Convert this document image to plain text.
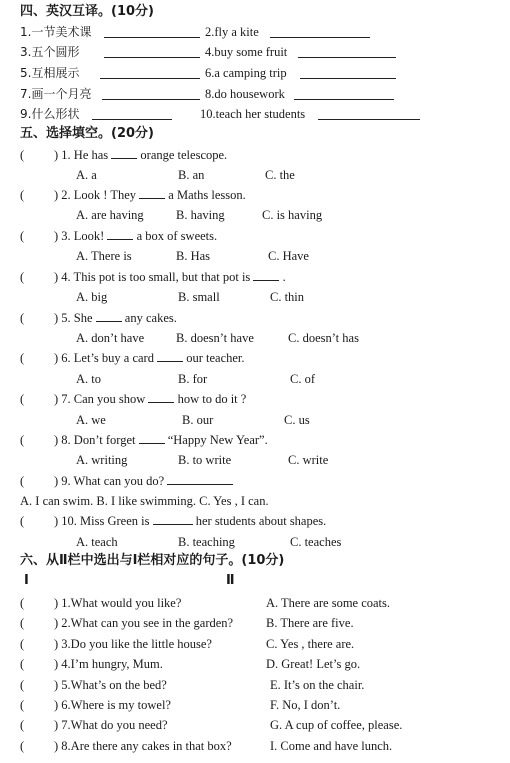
四、英汉互译。(10分)
1.一节美术课	2.fly a kite
3.五个圆形	4.buy some fruit
5.互相展示	6.a camping trip
7.画一个月亮	8.do housework
9.什么形状	10.teach her students
五、选择填空。(20分)
( ) 1. He has	orange telescope.
A. a	B. an	C. the
( ) 2. Look ! They	a Maths lesson.
A. are having	B. having	C. is having
( ) 3. Look!	a box of sweets.
A. There is	B. Has	C. Have
( ) 4. This pot is too small, but that pot is	.
A. big	B. small	C. thin
( ) 5. She	any cakes.
A. don’t have	B. doesn’t have	C. doesn’t has
( ) 6. Let’s buy a card	our teacher.
A. to	B. for	C. of
( ) 7. Can you show	how to do it ?
A. we	B. our	C. us
( ) 8. Don’t forget	“Happy New Year”.
A. writing	B. to write	C. write
( ) 9. What can you do?
A. I can swim. B. I like swimming. C. Yes , I can.
( ) 10. Miss Green is	her students about shapes.
A. teach	B. teaching	C. teaches
六、从Ⅱ栏中选出与Ⅰ栏相对应的句子。(10分)
Ⅰ	Ⅱ
( ) 1.What would you like?	A. There are some coats.
( ) 2.What can you see in the garden?	B. There are five.
( ) 3.Do you like the little house?	C. Yes , there are.
( ) 4.I’m hungry, Mum.	D. Great! Let’s go.
( ) 5.What’s on the bed?	E. It’s on the chair.
( ) 6.Where is my towel?	F. No, I don’t.
( ) 7.What do you need?	G. A cup of coffee, please.
( ) 8.Are there any cakes in that box?	I. Come and have lunch.
